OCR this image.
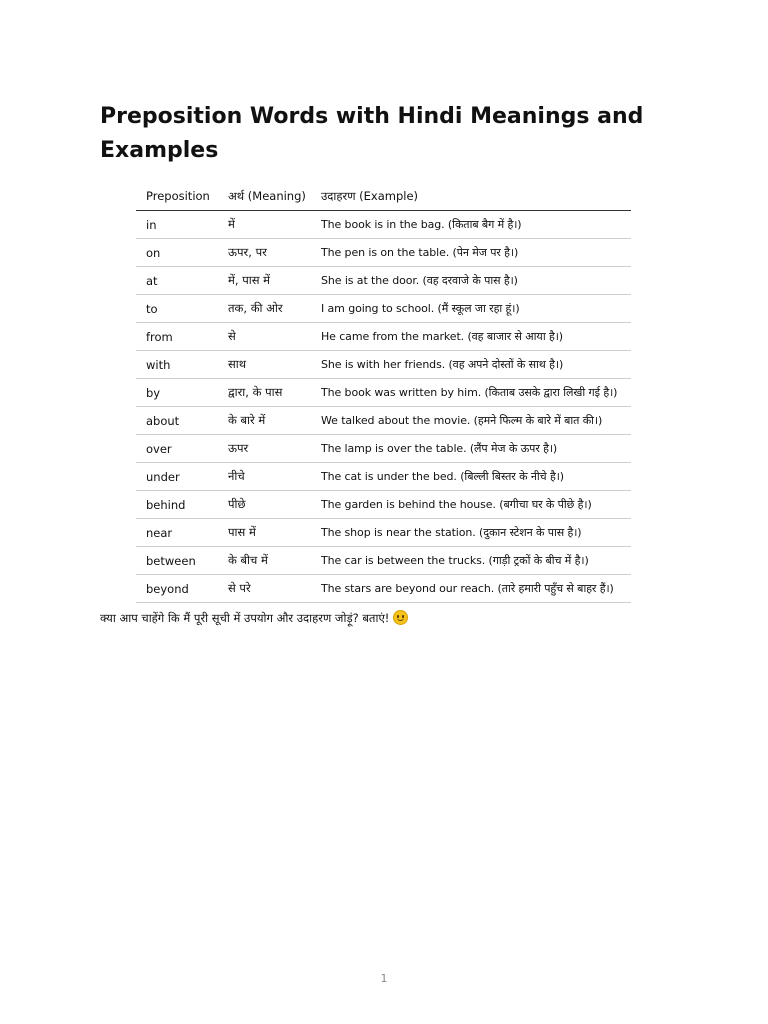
Preposition Words with Hindi Meanings and Examples
Preposition	अर्थ (Meaning)	उदाहरण (Example)
in	में	The book is in the bag. (किताब बैग में है।)
on	ऊपर, पर	The pen is on the table. (पेन मेज पर है।)
at	में, पास में	She is at the door. (वह दरवाजे के पास है।)
to	तक, की ओर	I am going to school. (मैं स्कूल जा रहा हूं।)
from	से	He came from the market. (वह बाजार से आया है।)
with	साथ	She is with her friends. (वह अपने दोस्तों के साथ है।)
by	द्वारा, के पास	The book was written by him. (किताब उसके द्वारा लिखी गई है।)
about	के बारे में	We talked about the movie. (हमने फिल्म के बारे में बात की।)
over	ऊपर	The lamp is over the table. (लैंप मेज के ऊपर है।)
under	नीचे	The cat is under the bed. (बिल्ली बिस्तर के नीचे है।)
behind	पीछे	The garden is behind the house. (बगीचा घर के पीछे है।)
near	पास में	The shop is near the station. (दुकान स्टेशन के पास है।)
between	के बीच में	The car is between the trucks. (गाड़ी ट्रकों के बीच में है।)
beyond	से परे	The stars are beyond our reach. (तारे हमारी पहुँच से बाहर हैं।)

क्या आप चाहेंगे कि मैं पूरी सूची में उपयोग और उदाहरण जोड़ूं? बताएं!

1
